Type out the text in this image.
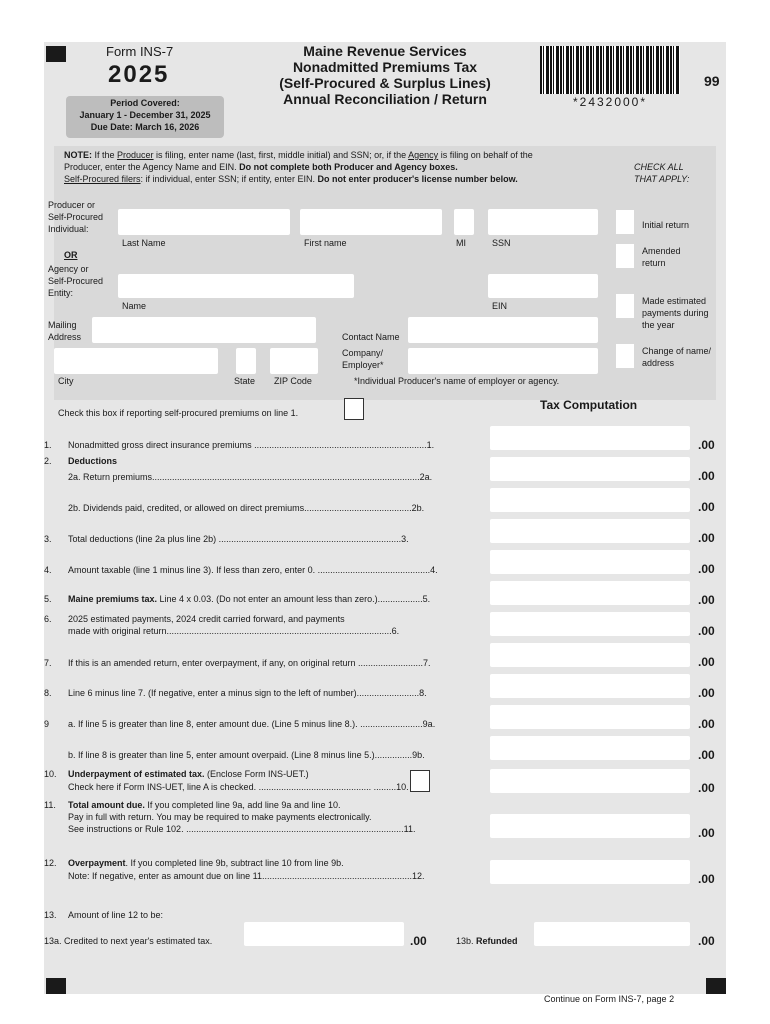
Form INS-7
2025
Period Covered:
January 1 - December 31, 2025
Due Date: March 16, 2026
Maine Revenue Services
Nonadmitted Premiums Tax
(Self-Procured & Surplus Lines)
Annual Reconciliation / Return	*2432000*
99
NOTE: If the Producer is filing, enter name (last, first, middle initial) and SSN; or, if the Agency is filing on behalf of the
Producer, enter the Agency Name and EIN. Do not complete both Producer and Agency boxes.
Self-Procured filers: if individual, enter SSN; if entity, enter EIN. Do not enter producer's license number below.
CHECK ALL
THAT APPLY:
Initial return
Amended
return
Made estimated
payments during
the year
Change of name/
address
Producer or
Self-Procured
Individual:
Last Name	First name	MI	SSN
OR
Agency or
Self-Procured
Entity:
Name	EIN
Mailing
Address	Contact Name
Company/
Employer*
City	State ZIP Code	*Individual Producer's name of employer or agency.
Check this box if reporting self-procured premiums on line 1.
Tax Computation
1. Nonadmitted gross direct insurance premiums .....................................................................1.	.00
2. Deductions
2a. Return premiums...........................................................................................................2a.	.00
2b. Dividends paid, credited, or allowed on direct premiums...........................................2b.	.00
3. Total deductions (line 2a plus line 2b) .........................................................................3.	.00
4. Amount taxable (line 1 minus line 3). If less than zero, enter 0. .............................................4.	.00
5. Maine premiums tax. Line 4 x 0.03. (Do not enter an amount less than zero.)..................5.	.00
6. 2025 estimated payments, 2024 credit carried forward, and payments
made with original return..........................................................................................6.	.00
7. If this is an amended return, enter overpayment, if any, on original return ..........................7.	.00
8. Line 6 minus line 7. (If negative, enter a minus sign to the left of number).........................8.	.00
9 a. If line 5 is greater than line 8, enter amount due. (Line 5 minus line 8.). .........................9a.	.00
b. If line 8 is greater than line 5, enter amount overpaid. (Line 8 minus line 5.)...............9b.	.00
10. Underpayment of estimated tax. (Enclose Form INS-UET.)
Check here if Form INS-UET, line A is checked. ............................................. .........10.	.00
11. Total amount due. If you completed line 9a, add line 9a and line 10.
Pay in full with return. You may be required to make payments electronically.
See instructions or Rule 102. .......................................................................................11.	.00
12. Overpayment. If you completed line 9b, subtract line 10 from line 9b.
Note: If negative, enter as amount due on line 11............................................................12.	.00
13. Amount of line 12 to be:
13a. Credited to next year's estimated tax.	.00	13b. Refunded	.00
Continue on Form INS-7, page 2
